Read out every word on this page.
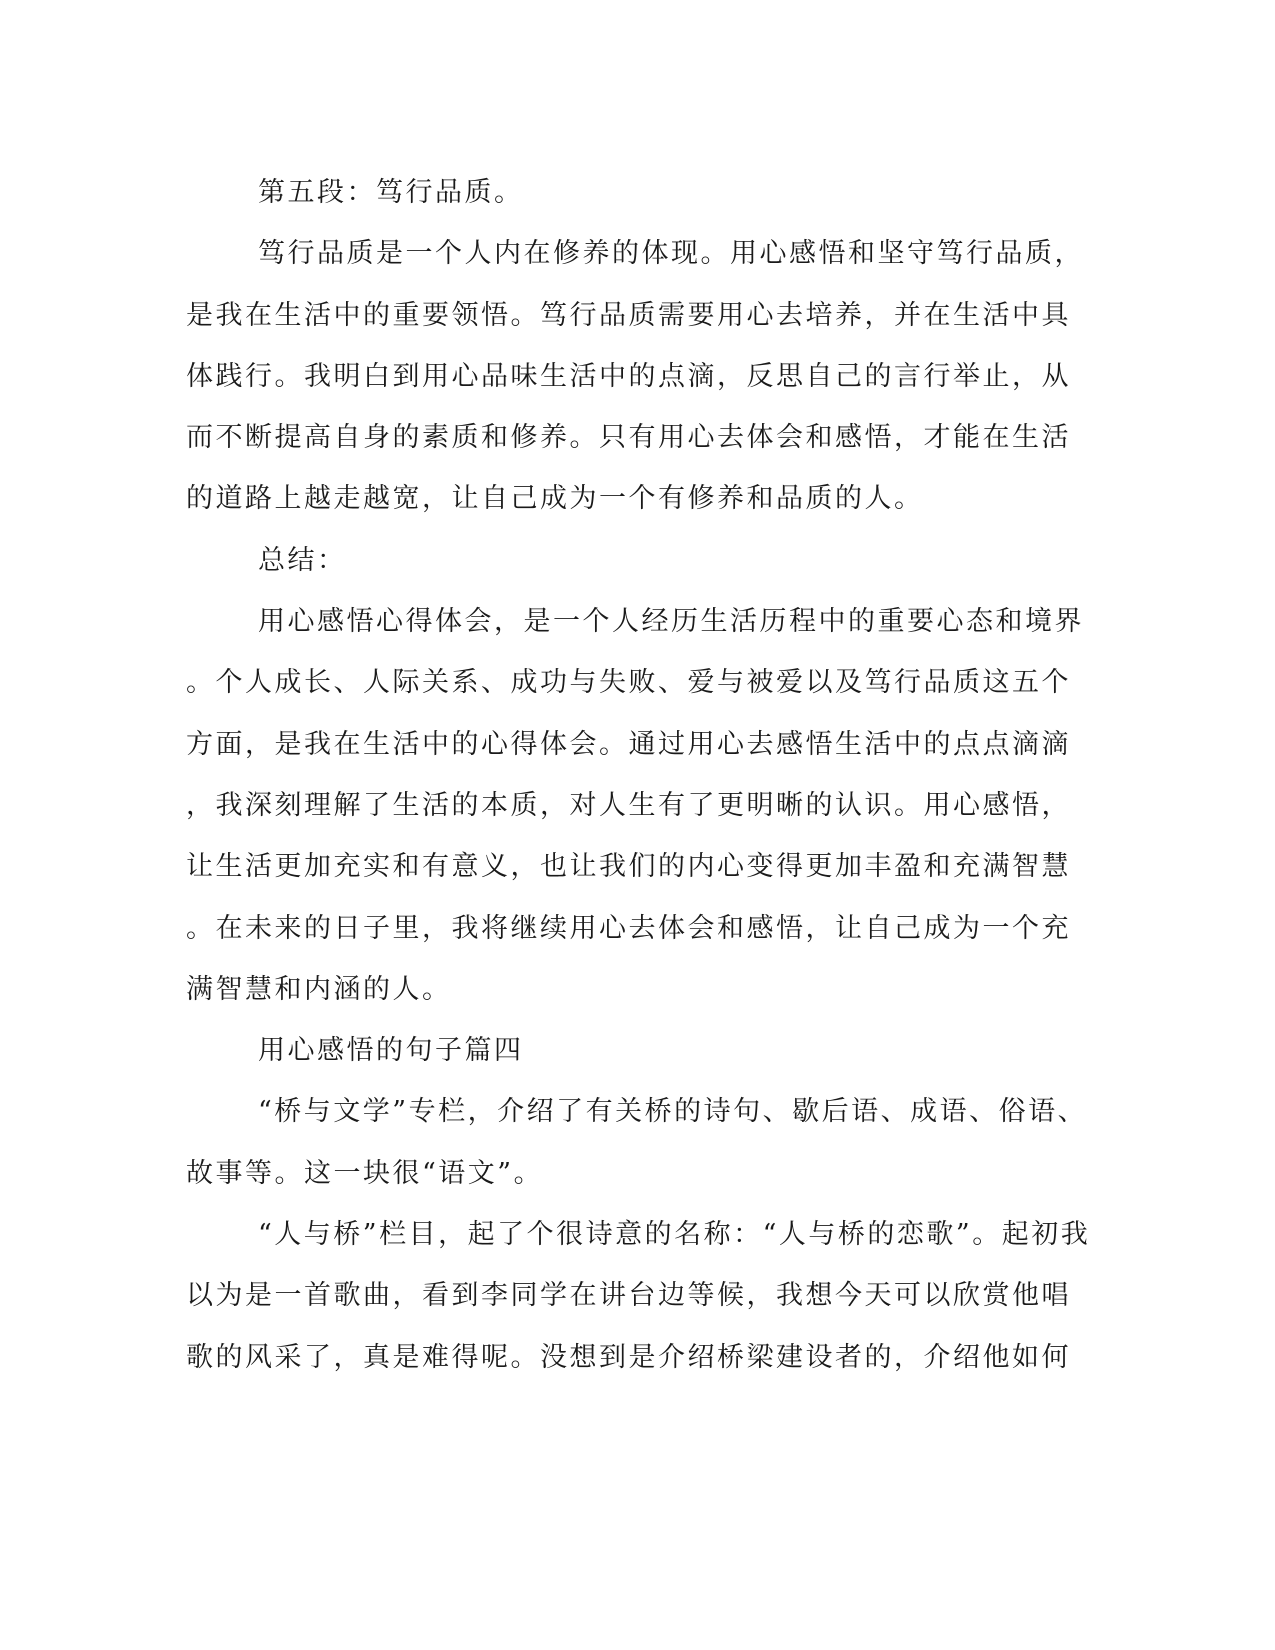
第五段：笃行品质。
笃行品质是一个人内在修养的体现。用心感悟和坚守笃行品质，
是我在生活中的重要领悟。笃行品质需要用心去培养，并在生活中具
体践行。我明白到用心品味生活中的点滴，反思自己的言行举止，从
而不断提高自身的素质和修养。只有用心去体会和感悟，才能在生活
的道路上越走越宽，让自己成为一个有修养和品质的人。
总结：
用心感悟心得体会，是一个人经历生活历程中的重要心态和境界
。个人成长、人际关系、成功与失败、爱与被爱以及笃行品质这五个
方面，是我在生活中的心得体会。通过用心去感悟生活中的点点滴滴
，我深刻理解了生活的本质，对人生有了更明晰的认识。用心感悟，
让生活更加充实和有意义，也让我们的内心变得更加丰盈和充满智慧
。在未来的日子里，我将继续用心去体会和感悟，让自己成为一个充
满智慧和内涵的人。
用心感悟的句子篇四
“桥与文学”专栏，介绍了有关桥的诗句、歇后语、成语、俗语、
故事等。这一块很“语文”。
“人与桥”栏目，起了个很诗意的名称：“人与桥的恋歌”。起初我
以为是一首歌曲，看到李同学在讲台边等候，我想今天可以欣赏他唱
歌的风采了，真是难得呢。没想到是介绍桥梁建设者的，介绍他如何
